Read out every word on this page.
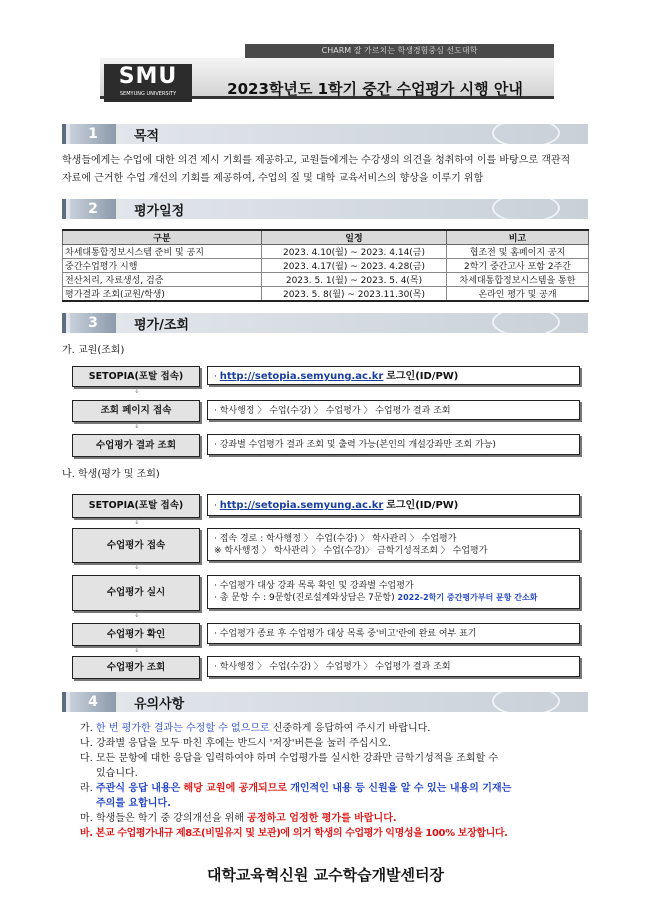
CHARM 잘 가르치는 학생경험중심 선도대학
SMU
SEMYUNG UNIVERSITY	2023학년도 1학기 중간 수업평가 시행 안내
1	목적
학생들에게는 수업에 대한 의견 제시 기회를 제공하고, 교원들에게는 수강생의 의견을 청취하여 이를 바탕으로 객관적
자료에 근거한 수업 개선의 기회를 제공하여, 수업의 질 및 대학 교육서비스의 향상을 이루기 위함
2	평가일정
구분	일정	비고
차세대통합정보시스템 준비 및 공지	2023. 4.10(월) ~ 2023. 4.14(금)	협조전 및 홈페이지 공지
중간수업평가 시행	2023. 4.17(월) ~ 2023. 4.28(금)	2학기 중간고사 포함 2주간
전산처리, 자료생성, 검증	2023. 5. 1(월) ~ 2023. 5. 4(목)	차세대통합정보시스템을 통한
평가결과 조회(교원/학생)	2023. 5. 8(월) ~ 2023.11.30(목)	온라인 평가 및 공개
3	평가/조회
가. 교원(조회)
SETOPIA(포탈 접속)	· http://setopia.semyung.ac.kr 로그인(ID/PW)
↓
조회 페이지 접속	· 학사행정 〉 수업(수강) 〉 수업평가 〉 수업평가 결과 조회
↓
수업평가 결과 조회	· 강좌별 수업평가 결과 조회 및 출력 가능(본인의 개설강좌만 조회 가능)
나. 학생(평가 및 조회)
SETOPIA(포탈 접속)	· http://setopia.semyung.ac.kr 로그인(ID/PW)
↓
수업평가 접속
· 접속 경로 : 학사행정 〉 수업(수강) 〉 학사관리 〉 수업평가
※ 학사행정 〉 학사관리 〉 수업(수강)〉 금학기성적조회 〉 수업평가
↓
수업평가 실시
· 수업평가 대상 강좌 목록 확인 및 강좌별 수업평가
· 총 문항 수 : 9문항(진로설계와상담은 7문항) 2022-2학기 중간평가부터 문항 간소화
↓
수업평가 확인	· 수업평가 종료 후 수업평가 대상 목록 중'비고'란에 완료 여부 표기
↓
수업평가 조회	· 학사행정 〉 수업(수강) 〉 수업평가 〉 수업평가 결과 조회
4	유의사항
가. 한 번 평가한 결과는 수정할 수 없으므로 신중하게 응답하여 주시기 바랍니다.
나. 강좌별 응답을 모두 마친 후에는 반드시 '저장'버튼을 눌러 주십시오.
다. 모든 문항에 대한 응답을 입력하여야 하며 수업평가를 실시한 강좌만 금학기성적을 조회할 수
있습니다.
라. 주관식 응답 내용은 해당 교원에 공개되므로 개인적인 내용 등 신원을 알 수 있는 내용의 기재는
주의를 요합니다.
마. 학생들은 학기 중 강의개선을 위해 공정하고 엄정한 평가를 바랍니다.
바. 본교 수업평가내규 제8조(비밀유지 및 보관)에 의거 학생의 수업평가 익명성을 100% 보장합니다.
대학교육혁신원 교수학습개발센터장
